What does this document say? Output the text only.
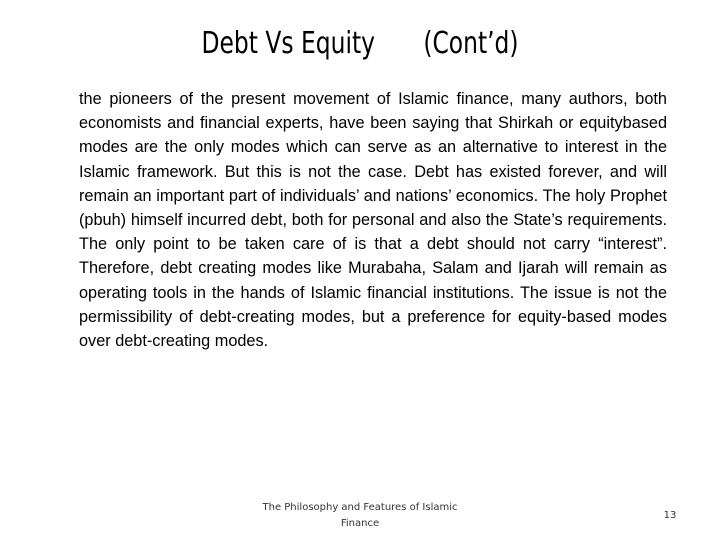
Debt Vs Equity (Cont’d)
the pioneers of the present movement of Islamic finance, many authors, both economists and financial experts, have been saying that Shirkah or equitybased modes are the only modes which can serve as an alternative to interest in the Islamic framework. But this is not the case. Debt has existed forever, and will remain an important part of individuals’ and nations’ economics. The holy Prophet (pbuh) himself incurred debt, both for personal and also the State’s requirements. The only point to be taken care of is that a debt should not carry “interest”. Therefore, debt creating modes like Murabaha, Salam and Ijarah will remain as operating tools in the hands of Islamic financial institutions. The issue is not the permissibility of debt-creating modes, but a preference for equity-based modes over debt-creating modes.
The Philosophy and Features of Islamic Finance
13
